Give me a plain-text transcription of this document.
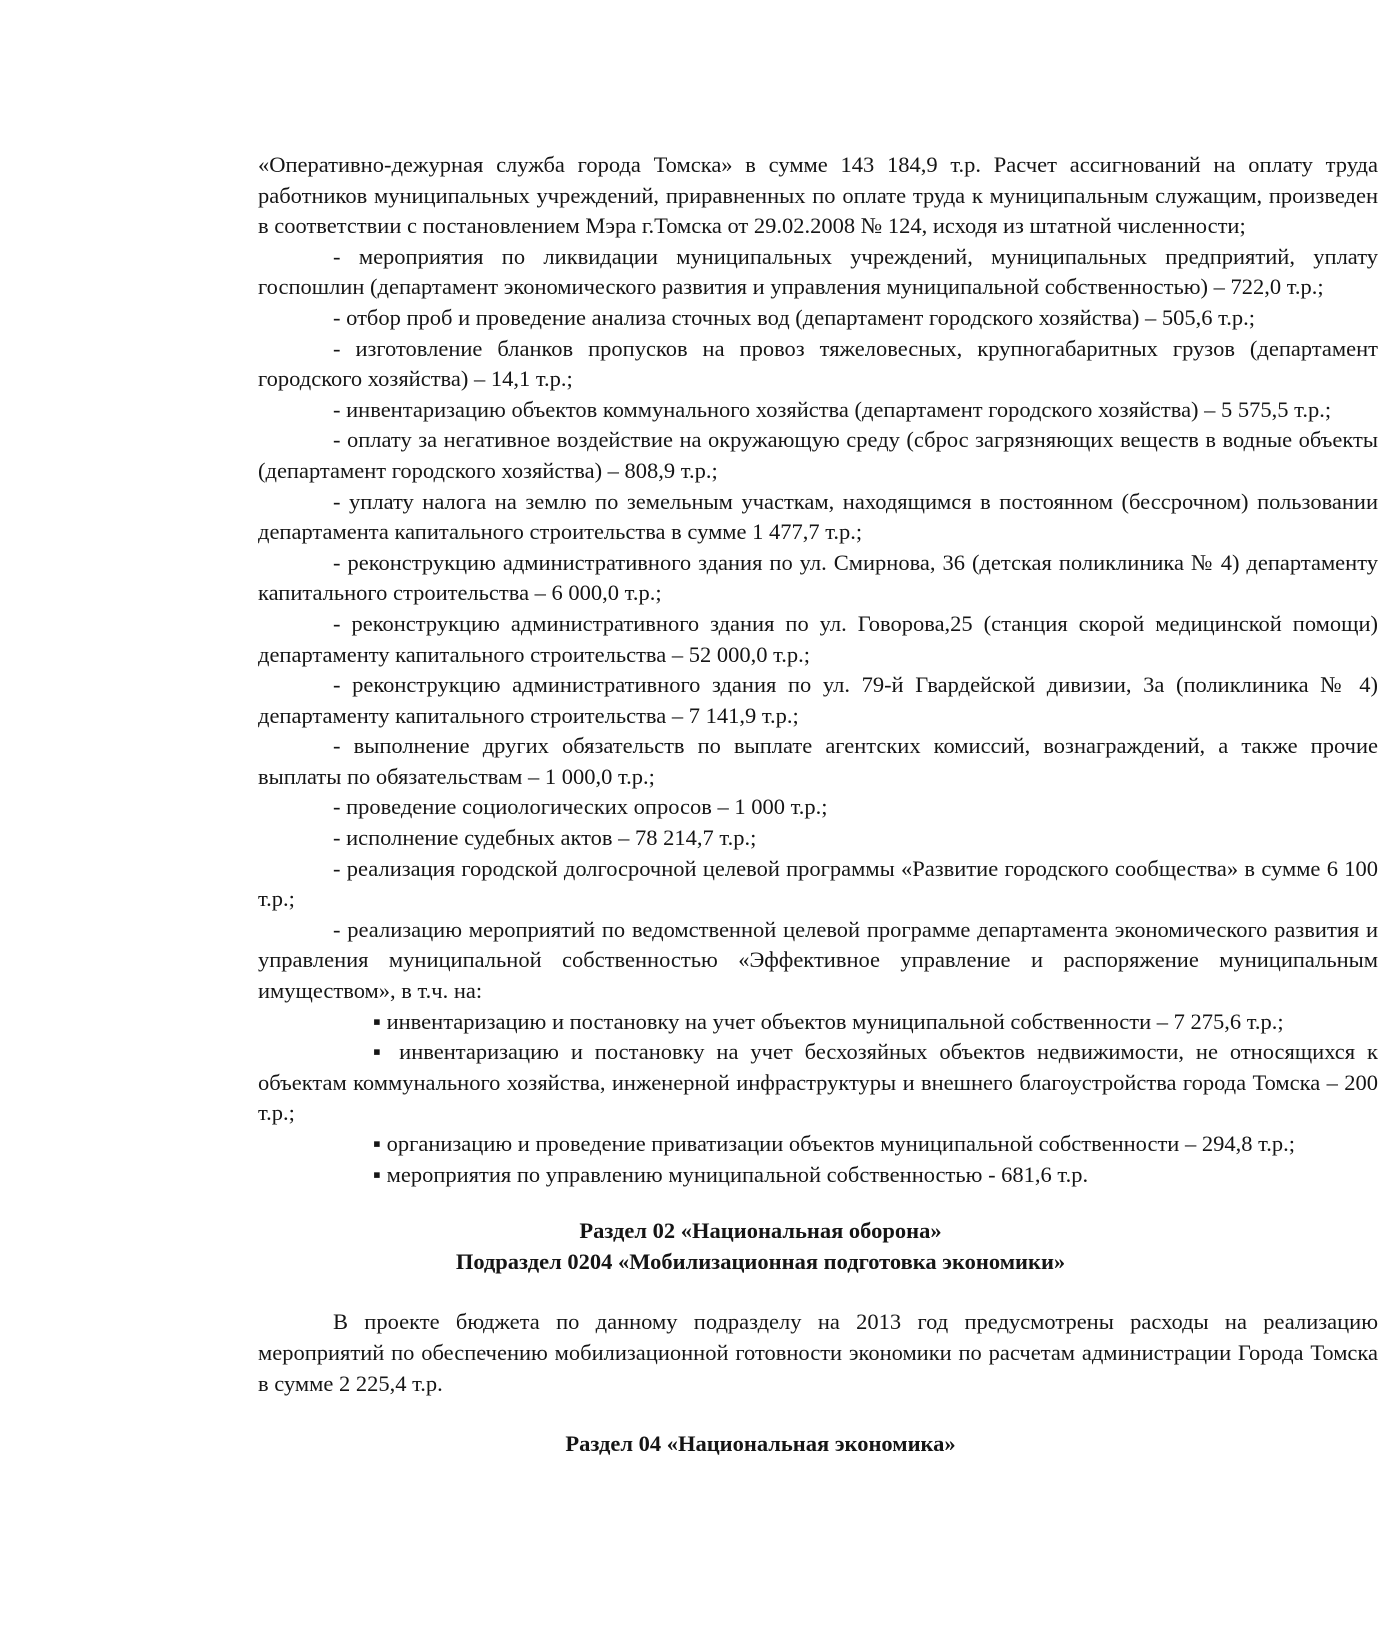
«Оперативно-дежурная служба города Томска» в сумме 143 184,9 т.р. Расчет ассигнований на оплату труда работников муниципальных учреждений, приравненных по оплате труда к муниципальным служащим, произведен в соответствии с постановлением Мэра г.Томска от 29.02.2008 № 124, исходя из штатной численности;

- мероприятия по ликвидации муниципальных учреждений, муниципальных предприятий, уплату госпошлин (департамент экономического развития и управления муниципальной собственностью) – 722,0 т.р.;

- отбор проб и проведение анализа сточных вод (департамент городского хозяйства) – 505,6 т.р.;

- изготовление бланков пропусков на провоз тяжеловесных, крупногабаритных грузов (департамент городского хозяйства) – 14,1 т.р.;

- инвентаризацию объектов коммунального хозяйства (департамент городского хозяйства) – 5 575,5 т.р.;

- оплату за негативное воздействие на окружающую среду (сброс загрязняющих веществ в водные объекты (департамент городского хозяйства) – 808,9 т.р.;

- уплату налога на землю по земельным участкам, находящимся в постоянном (бессрочном) пользовании департамента капитального строительства в сумме 1 477,7 т.р.;

- реконструкцию административного здания по ул. Смирнова, 36 (детская поликлиника № 4) департаменту капитального строительства – 6 000,0 т.р.;

- реконструкцию административного здания по ул. Говорова,25 (станция скорой медицинской помощи) департаменту капитального строительства – 52 000,0 т.р.;

- реконструкцию административного здания по ул. 79-й Гвардейской дивизии, 3а (поликлиника № 4) департаменту капитального строительства – 7 141,9 т.р.;

- выполнение других обязательств по выплате агентских комиссий, вознаграждений, а также прочие выплаты по обязательствам – 1 000,0 т.р.;

- проведение социологических опросов – 1 000 т.р.;

- исполнение судебных актов – 78 214,7 т.р.;

- реализация городской долгосрочной целевой программы «Развитие городского сообщества» в сумме 6 100 т.р.;

- реализацию мероприятий по ведомственной целевой программе департамента экономического развития и управления муниципальной собственностью «Эффективное управление и распоряжение муниципальным имуществом», в т.ч. на:

▪ инвентаризацию и постановку на учет объектов муниципальной собственности – 7 275,6 т.р.;

▪ инвентаризацию и постановку на учет бесхозяйных объектов недвижимости, не относящихся к объектам коммунального хозяйства, инженерной инфраструктуры и внешнего благоустройства города Томска – 200 т.р.;

▪ организацию и проведение приватизации объектов муниципальной собственности – 294,8 т.р.;

▪ мероприятия по управлению муниципальной собственностью - 681,6 т.р.

Раздел 02 «Национальная оборона»

Подраздел 0204 «Мобилизационная подготовка экономики»

В проекте бюджета по данному подразделу на 2013 год предусмотрены расходы на реализацию мероприятий по обеспечению мобилизационной готовности экономики по расчетам администрации Города Томска в сумме 2 225,4 т.р.

Раздел 04 «Национальная экономика»
